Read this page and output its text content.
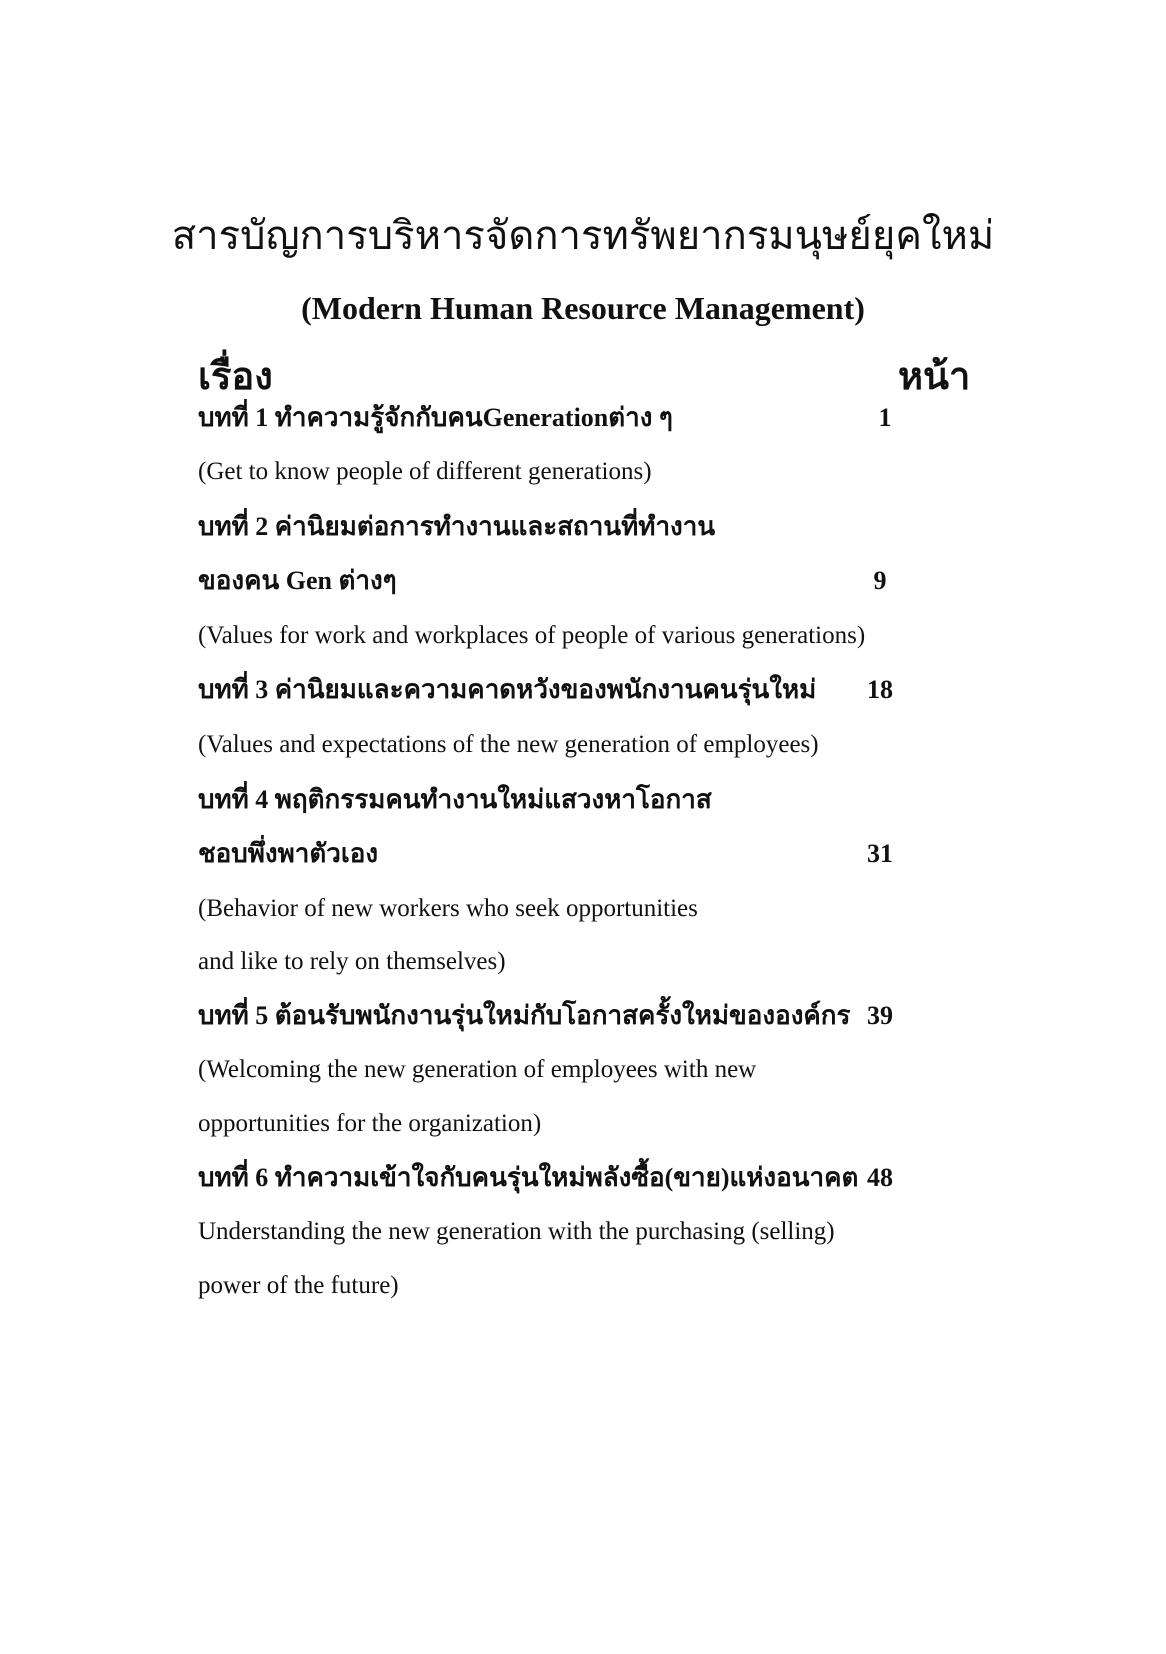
สารบัญการบริหารจัดการทรัพยากรมนุษย์ยุคใหม่
(Modern Human Resource Management)
เรื่อง	หน้า
บทที่ 1 ทำความรู้จักกับคนGenerationต่าง ๆ	1
(Get to know people of different generations)
บทที่ 2 ค่านิยมต่อการทำงานและสถานที่ทำงาน
ของคน Gen ต่างๆ	9
(Values for work and workplaces of people of various generations)
บทที่ 3 ค่านิยมและความคาดหวังของพนักงานคนรุ่นใหม่	18
(Values and expectations of the new generation of employees)
บทที่ 4 พฤติกรรมคนทำงานใหม่แสวงหาโอกาส
ชอบพึ่งพาตัวเอง	31
(Behavior of new workers who seek opportunities
and like to rely on themselves)
บทที่ 5 ต้อนรับพนักงานรุ่นใหม่กับโอกาสครั้งใหม่ขององค์กร 39
(Welcoming the new generation of employees with new
opportunities for the organization)
บทที่ 6 ทำความเข้าใจกับคนรุ่นใหม่พลังซื้อ(ขาย)แห่งอนาคต 48
Understanding the new generation with the purchasing (selling)
power of the future)
